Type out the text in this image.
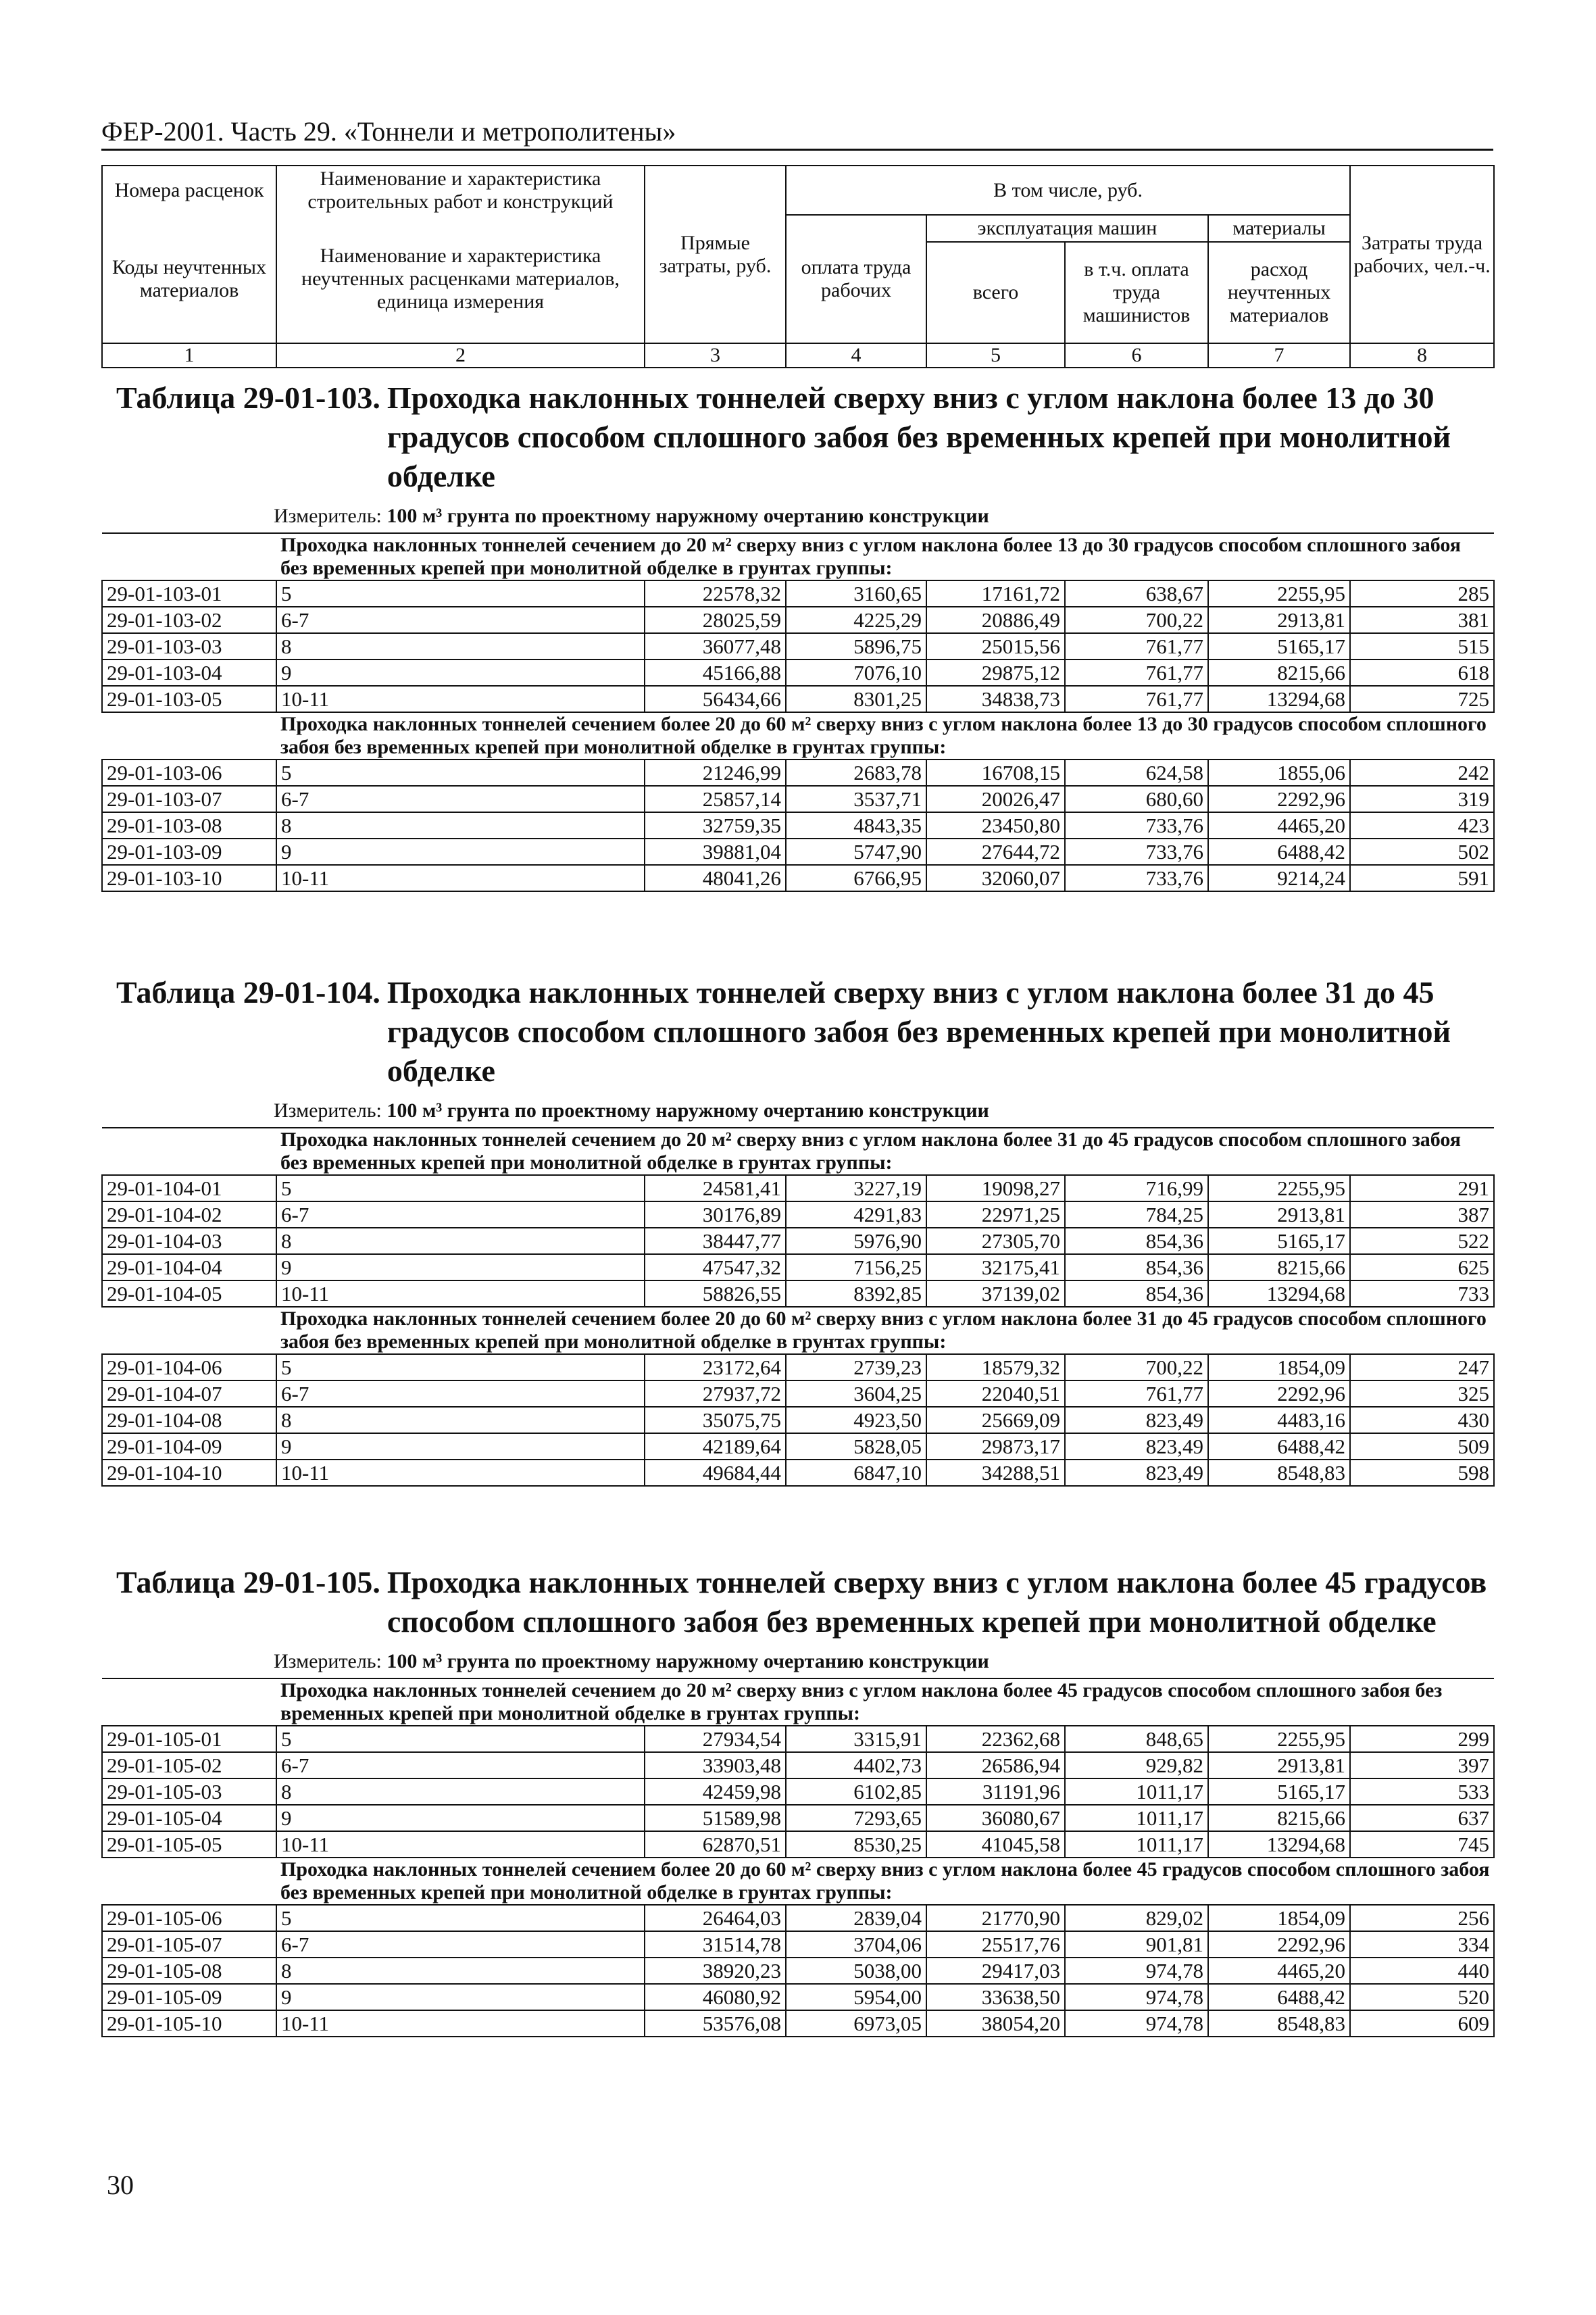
ФЕР-2001. Часть 29. «Тоннели и метрополитены»
Номера расценок	Наименование и характеристика строительных работ и конструкций	Прямые затраты, руб.	В том числе, руб.				Затраты труда рабочих, чел.-ч.
Коды неучтенных материалов	Наименование и характеристика неучтенных расценками материалов, единица измерения		оплата труда рабочих	эксплуатация машин		материалы	
				всего	в т.ч. оплата труда машинистов	расход неучтенных материалов	
1	2	3	4	5	6	7	8
Таблица 29-01-103. Проходка наклонных тоннелей сверху вниз с углом наклона более 13 до 30 градусов способом сплошного забоя без временных крепей при монолитной обделке
Измеритель: 100 м³ грунта по проектному наружному очертанию конструкции
	Проходка наклонных тоннелей сечением до 20 м² сверху вниз с углом наклона более 13 до 30 градусов способом сплошного забоя без временных крепей при монолитной обделке в грунтах группы:						
29-01-103-01	5	22578,32	3160,65	17161,72	638,67	2255,95	285
29-01-103-02	6-7	28025,59	4225,29	20886,49	700,22	2913,81	381
29-01-103-03	8	36077,48	5896,75	25015,56	761,77	5165,17	515
29-01-103-04	9	45166,88	7076,10	29875,12	761,77	8215,66	618
29-01-103-05	10-11	56434,66	8301,25	34838,73	761,77	13294,68	725
	Проходка наклонных тоннелей сечением более 20 до 60 м² сверху вниз с углом наклона более 13 до 30 градусов способом сплошного забоя без временных крепей при монолитной обделке в грунтах группы:						
29-01-103-06	5	21246,99	2683,78	16708,15	624,58	1855,06	242
29-01-103-07	6-7	25857,14	3537,71	20026,47	680,60	2292,96	319
29-01-103-08	8	32759,35	4843,35	23450,80	733,76	4465,20	423
29-01-103-09	9	39881,04	5747,90	27644,72	733,76	6488,42	502
29-01-103-10	10-11	48041,26	6766,95	32060,07	733,76	9214,24	591
Таблица 29-01-104. Проходка наклонных тоннелей сверху вниз с углом наклона более 31 до 45 градусов способом сплошного забоя без временных крепей при монолитной обделке
Измеритель: 100 м³ грунта по проектному наружному очертанию конструкции
	Проходка наклонных тоннелей сечением до 20 м² сверху вниз с углом наклона более 31 до 45 градусов способом сплошного забоя без временных крепей при монолитной обделке в грунтах группы:						
29-01-104-01	5	24581,41	3227,19	19098,27	716,99	2255,95	291
29-01-104-02	6-7	30176,89	4291,83	22971,25	784,25	2913,81	387
29-01-104-03	8	38447,77	5976,90	27305,70	854,36	5165,17	522
29-01-104-04	9	47547,32	7156,25	32175,41	854,36	8215,66	625
29-01-104-05	10-11	58826,55	8392,85	37139,02	854,36	13294,68	733
	Проходка наклонных тоннелей сечением более 20 до 60 м² сверху вниз с углом наклона более 31 до 45 градусов способом сплошного забоя без временных крепей при монолитной обделке в грунтах группы:						
29-01-104-06	5	23172,64	2739,23	18579,32	700,22	1854,09	247
29-01-104-07	6-7	27937,72	3604,25	22040,51	761,77	2292,96	325
29-01-104-08	8	35075,75	4923,50	25669,09	823,49	4483,16	430
29-01-104-09	9	42189,64	5828,05	29873,17	823,49	6488,42	509
29-01-104-10	10-11	49684,44	6847,10	34288,51	823,49	8548,83	598
Таблица 29-01-105. Проходка наклонных тоннелей сверху вниз с углом наклона более 45 градусов способом сплошного забоя без временных крепей при монолитной обделке
Измеритель: 100 м³ грунта по проектному наружному очертанию конструкции
	Проходка наклонных тоннелей сечением до 20 м² сверху вниз с углом наклона более 45 градусов способом сплошного забоя без временных крепей при монолитной обделке в грунтах группы:						
29-01-105-01	5	27934,54	3315,91	22362,68	848,65	2255,95	299
29-01-105-02	6-7	33903,48	4402,73	26586,94	929,82	2913,81	397
29-01-105-03	8	42459,98	6102,85	31191,96	1011,17	5165,17	533
29-01-105-04	9	51589,98	7293,65	36080,67	1011,17	8215,66	637
29-01-105-05	10-11	62870,51	8530,25	41045,58	1011,17	13294,68	745
	Проходка наклонных тоннелей сечением более 20 до 60 м² сверху вниз с углом наклона более 45 градусов способом сплошного забоя без временных крепей при монолитной обделке в грунтах группы:						
29-01-105-06	5	26464,03	2839,04	21770,90	829,02	1854,09	256
29-01-105-07	6-7	31514,78	3704,06	25517,76	901,81	2292,96	334
29-01-105-08	8	38920,23	5038,00	29417,03	974,78	4465,20	440
29-01-105-09	9	46080,92	5954,00	33638,50	974,78	6488,42	520
29-01-105-10	10-11	53576,08	6973,05	38054,20	974,78	8548,83	609
30
